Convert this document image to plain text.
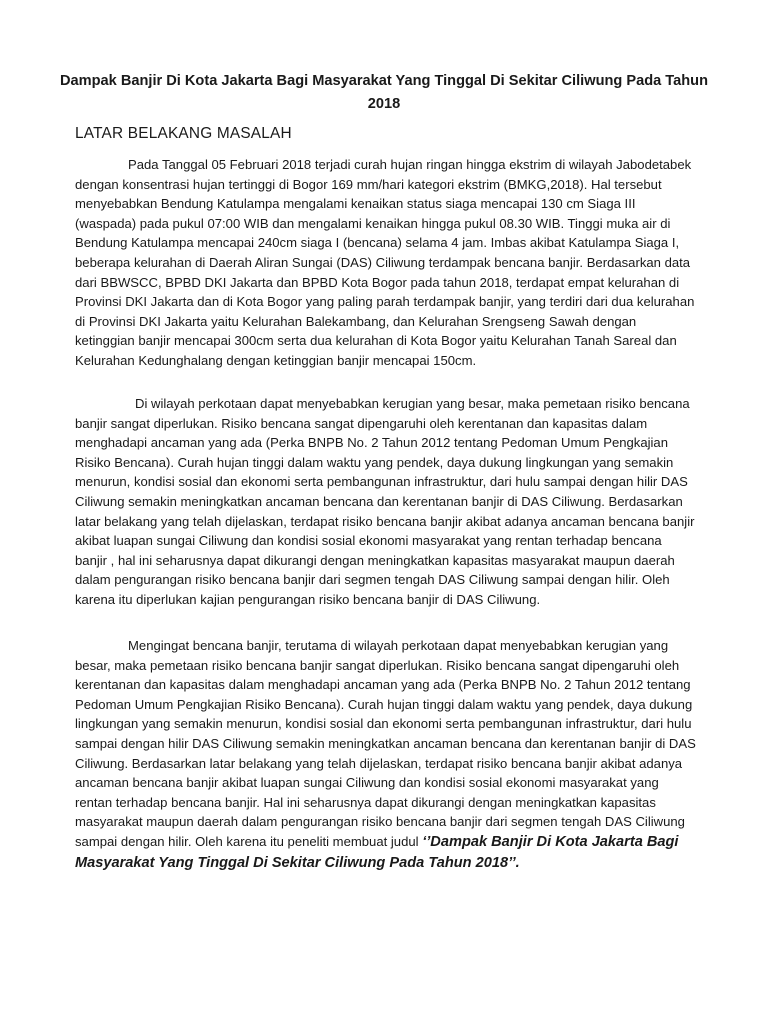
Dampak Banjir Di Kota Jakarta Bagi Masyarakat Yang Tinggal Di Sekitar Ciliwung Pada Tahun 2018
LATAR BELAKANG MASALAH

Pada Tanggal 05 Februari 2018 terjadi curah hujan ringan hingga ekstrim di wilayah Jabodetabek dengan konsentrasi hujan tertinggi di Bogor 169 mm/hari kategori ekstrim (BMKG,2018). Hal tersebut menyebabkan Bendung Katulampa mengalami kenaikan status siaga mencapai 130 cm Siaga III (waspada) pada pukul 07:00 WIB dan mengalami kenaikan hingga pukul 08.30 WIB. Tinggi muka air di Bendung Katulampa mencapai 240cm siaga I (bencana) selama 4 jam. Imbas akibat Katulampa Siaga I, beberapa kelurahan di Daerah Aliran Sungai (DAS) Ciliwung terdampak bencana banjir. Berdasarkan data dari BBWSCC, BPBD DKI Jakarta dan BPBD Kota Bogor pada tahun 2018, terdapat empat kelurahan di Provinsi DKI Jakarta dan di Kota Bogor yang paling parah terdampak banjir, yang terdiri dari dua kelurahan di Provinsi DKI Jakarta yaitu Kelurahan Balekambang, dan Kelurahan Srengseng Sawah dengan ketinggian banjir mencapai 300cm serta dua kelurahan di Kota Bogor yaitu Kelurahan Tanah Sareal dan Kelurahan Kedunghalang dengan ketinggian banjir mencapai 150cm.

Di wilayah perkotaan dapat menyebabkan kerugian yang besar, maka pemetaan risiko bencana banjir sangat diperlukan. Risiko bencana sangat dipengaruhi oleh kerentanan dan kapasitas dalam menghadapi ancaman yang ada (Perka BNPB No. 2 Tahun 2012 tentang Pedoman Umum Pengkajian Risiko Bencana). Curah hujan tinggi dalam waktu yang pendek, daya dukung lingkungan yang semakin menurun, kondisi sosial dan ekonomi serta pembangunan infrastruktur, dari hulu sampai dengan hilir DAS Ciliwung semakin meningkatkan ancaman bencana dan kerentanan banjir di DAS Ciliwung. Berdasarkan latar belakang yang telah dijelaskan, terdapat risiko bencana banjir akibat adanya ancaman bencana banjir akibat luapan sungai Ciliwung dan kondisi sosial ekonomi masyarakat yang rentan terhadap bencana banjir , hal ini seharusnya dapat dikurangi dengan meningkatkan kapasitas masyarakat maupun daerah dalam pengurangan risiko bencana banjir dari segmen tengah DAS Ciliwung sampai dengan hilir. Oleh karena itu diperlukan kajian pengurangan risiko bencana banjir di DAS Ciliwung.

Mengingat bencana banjir, terutama di wilayah perkotaan dapat menyebabkan kerugian yang besar, maka pemetaan risiko bencana banjir sangat diperlukan. Risiko bencana sangat dipengaruhi oleh kerentanan dan kapasitas dalam menghadapi ancaman yang ada (Perka BNPB No. 2 Tahun 2012 tentang Pedoman Umum Pengkajian Risiko Bencana). Curah hujan tinggi dalam waktu yang pendek, daya dukung lingkungan yang semakin menurun, kondisi sosial dan ekonomi serta pembangunan infrastruktur, dari hulu sampai dengan hilir DAS Ciliwung semakin meningkatkan ancaman bencana dan kerentanan banjir di DAS Ciliwung. Berdasarkan latar belakang yang telah dijelaskan, terdapat risiko bencana banjir akibat adanya ancaman bencana banjir akibat luapan sungai Ciliwung dan kondisi sosial ekonomi masyarakat yang rentan terhadap bencana banjir. Hal ini seharusnya dapat dikurangi dengan meningkatkan kapasitas masyarakat maupun daerah dalam pengurangan risiko bencana banjir dari segmen tengah DAS Ciliwung sampai dengan hilir. Oleh karena itu peneliti membuat judul ‘’Dampak Banjir Di Kota Jakarta Bagi Masyarakat Yang Tinggal Di Sekitar Ciliwung Pada Tahun 2018’’.
